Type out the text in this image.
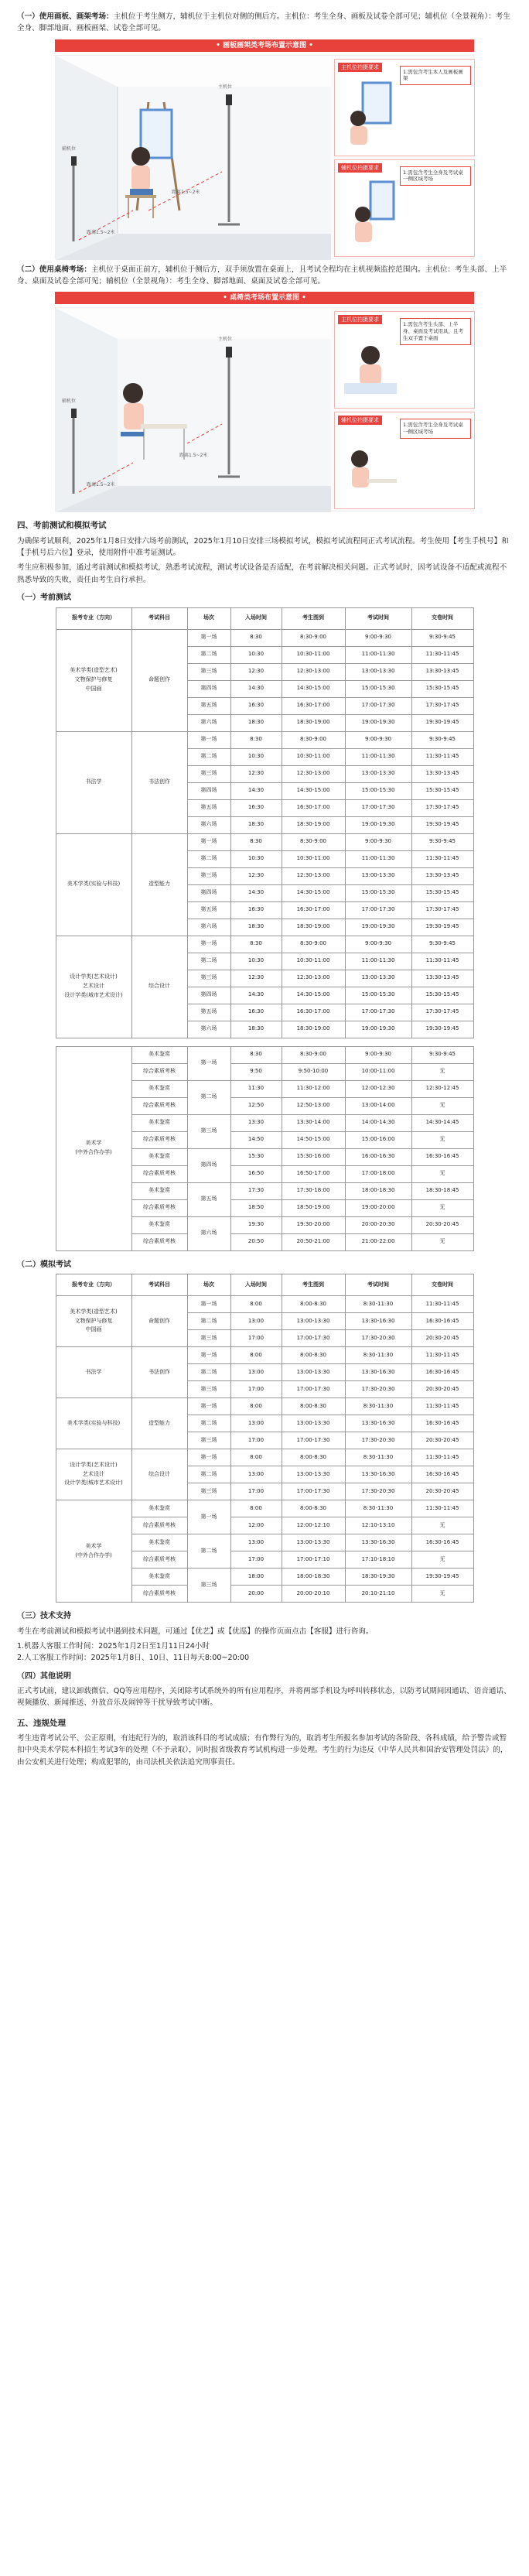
（一）使用画板、画架考场：主机位于考生侧方，辅机位于主机位对侧的侧后方。主机位：考生全身、画板及试卷全部可见；辅机位（全景视角）：考生全身、脚部地面、画板画架、试卷全部可见。

• 画板画架类考场布置示意图 •
主机位
距离1.5~2米
距离1.5~2米
辅机位
主机位拍摄要求
1.需包含考生本人及画板画架
辅机位拍摄要求
1.需包含考生全身及考试桌一侧区域考场

（二）使用桌椅考场：主机位于桌面正前方，辅机位于侧后方，双手须放置在桌面上，且考试全程均在主机视频监控范围内。主机位：考生头部、上半身、桌面及试卷全部可见；辅机位（全景视角）：考生全身、脚部地面、桌面及试卷全部可见。

• 桌椅类考场布置示意图 •
主机位
距离1.5~2米
距离1.5~2米
辅机位
主机位拍摄要求
1.需包含考生头部、上半身、桌面及考试用具，且考生双手置于桌面
辅机位拍摄要求
1.需包含考生全身及考试桌一侧区域考场
四、考前测试和模拟考试

为确保考试顺利，2025年1月8日安排六场考前测试，2025年1月10日安排三场模拟考试，模拟考试流程同正式考试流程。考生使用【考生手机号】和【手机号后六位】登录，使用附件中准考证测试。

考生应积极参加，通过考前测试和模拟考试，熟悉考试流程，测试考试设备是否适配，在考前解决相关问题。正式考试时，因考试设备不适配或流程不熟悉导致的失败，责任由考生自行承担。

（一）考前测试
报考专业（方向）	考试科目	场次	入场时间	考生图到	考试时间	交卷时间
美术学类(造型艺术)
文物保护与修复
中国画	命题创作	第一场	8:30	8:30-9:00	9:00-9:30	9:30-9:45
		第二场	10:30	10:30-11:00	11:00-11:30	11:30-11:45
		第三场	12:30	12:30-13:00	13:00-13:30	13:30-13:45
		第四场	14:30	14:30-15:00	15:00-15:30	15:30-15:45
		第五场	16:30	16:30-17:00	17:00-17:30	17:30-17:45
		第六场	18:30	18:30-19:00	19:00-19:30	19:30-19:45
书法学	书法创作	第一场	8:30	8:30-9:00	9:00-9:30	9:30-9:45
		第二场	10:30	10:30-11:00	11:00-11:30	11:30-11:45
		第三场	12:30	12:30-13:00	13:00-13:30	13:30-13:45
		第四场	14:30	14:30-15:00	15:00-15:30	15:30-15:45
		第五场	16:30	16:30-17:00	17:00-17:30	17:30-17:45
		第六场	18:30	18:30-19:00	19:00-19:30	19:30-19:45
美术学类(实验与科技)	造型能力	第一场	8:30	8:30-9:00	9:00-9:30	9:30-9:45
		第二场	10:30	10:30-11:00	11:00-11:30	11:30-11:45
		第三场	12:30	12:30-13:00	13:00-13:30	13:30-13:45
		第四场	14:30	14:30-15:00	15:00-15:30	15:30-15:45
		第五场	16:30	16:30-17:00	17:00-17:30	17:30-17:45
		第六场	18:30	18:30-19:00	19:00-19:30	19:30-19:45
设计学类(艺术设计)
艺术设计
设计学类(城市艺术设计)	综合设计	第一场	8:30	8:30-9:00	9:00-9:30	9:30-9:45
		第二场	10:30	10:30-11:00	11:00-11:30	11:30-11:45
		第三场	12:30	12:30-13:00	13:00-13:30	13:30-13:45
		第四场	14:30	14:30-15:00	15:00-15:30	15:30-15:45
		第五场	16:30	16:30-17:00	17:00-17:30	17:30-17:45
		第六场	18:30	18:30-19:00	19:00-19:30	19:30-19:45
美术学
(中外合作办学)	美术鉴赏	第一场	8:30	8:30-9:00	9:00-9:30	9:30-9:45
	综合素质考核		9:50	9:50-10:00	10:00-11:00	无
	美术鉴赏	第二场	11:30	11:30-12:00	12:00-12:30	12:30-12:45
	综合素质考核		12:50	12:50-13:00	13:00-14:00	无
	美术鉴赏	第三场	13:30	13:30-14:00	14:00-14:30	14:30-14:45
	综合素质考核		14:50	14:50-15:00	15:00-16:00	无
	美术鉴赏	第四场	15:30	15:30-16:00	16:00-16:30	16:30-16:45
	综合素质考核		16:50	16:50-17:00	17:00-18:00	无
	美术鉴赏	第五场	17:30	17:30-18:00	18:00-18:30	18:30-18:45
	综合素质考核		18:50	18:50-19:00	19:00-20:00	无
	美术鉴赏	第六场	19:30	19:30-20:00	20:00-20:30	20:30-20:45
	综合素质考核		20:50	20:50-21:00	21:00-22:00	无
（二）模拟考试
报考专业（方向）	考试科目	场次	入场时间	考生图到	考试时间	交卷时间
美术学类(造型艺术)
文物保护与修复
中国画	命题创作	第一场	8:00	8:00-8:30	8:30-11:30	11:30-11:45
		第二场	13:00	13:00-13:30	13:30-16:30	16:30-16:45
		第三场	17:00	17:00-17:30	17:30-20:30	20:30-20:45
书法学	书法创作	第一场	8:00	8:00-8:30	8:30-11:30	11:30-11:45
		第二场	13:00	13:00-13:30	13:30-16:30	16:30-16:45
		第三场	17:00	17:00-17:30	17:30-20:30	20:30-20:45
美术学类(实验与科技)	造型能力	第一场	8:00	8:00-8:30	8:30-11:30	11:30-11:45
		第二场	13:00	13:00-13:30	13:30-16:30	16:30-16:45
		第三场	17:00	17:00-17:30	17:30-20:30	20:30-20:45
设计学类(艺术设计)
艺术设计
设计学类(城市艺术设计)	综合设计	第一场	8:00	8:00-8:30	8:30-11:30	11:30-11:45
		第二场	13:00	13:00-13:30	13:30-16:30	16:30-16:45
		第三场	17:00	17:00-17:30	17:30-20:30	20:30-20:45
美术学
(中外合作办学)	美术鉴赏	第一场	8:00	8:00-8:30	8:30-11:30	11:30-11:45
	综合素质考核		12:00	12:00-12:10	12:10-13:10	无
	美术鉴赏	第二场	13:00	13:00-13:30	13:30-16:30	16:30-16:45
	综合素质考核		17:00	17:00-17:10	17:10-18:10	无
	美术鉴赏	第三场	18:00	18:00-18:30	18:30-19:30	19:30-19:45
	综合素质考核		20:00	20:00-20:10	20:10-21:10	无
（三）技术支持

考生在考前测试和模拟考试中遇到技术问题，可通过【优艺】或【优巡】的操作页面点击【客服】进行咨询。

1.机器人客服工作时间：2025年1月2日至1月11日24小时

2.人工客服工作时间：2025年1月8日、10日、11日每天8:00~20:00

（四）其他说明

正式考试前，建议卸载微信、QQ等应用程序，关闭除考试系统外的所有应用程序，并将两部手机设为呼叫转移状态，以防考试期间因通话、语音通话、视频播放、新闻推送、外放音乐及闹钟等干扰导致考试中断。

五、违规处理

考生违背考试公平、公正原则，有违纪行为的，取消该科目的考试成绩；有作弊行为的，取消考生所报名参加考试的各阶段、各科成绩，给予警告或暂扣中央美术学院本科招生考试3年的处理（不予录取），同时报省级教育考试机构进一步处理。考生的行为违反《中华人民共和国治安管理处罚法》的，由公安机关进行处理；构成犯罪的，由司法机关依法追究刑事责任。
